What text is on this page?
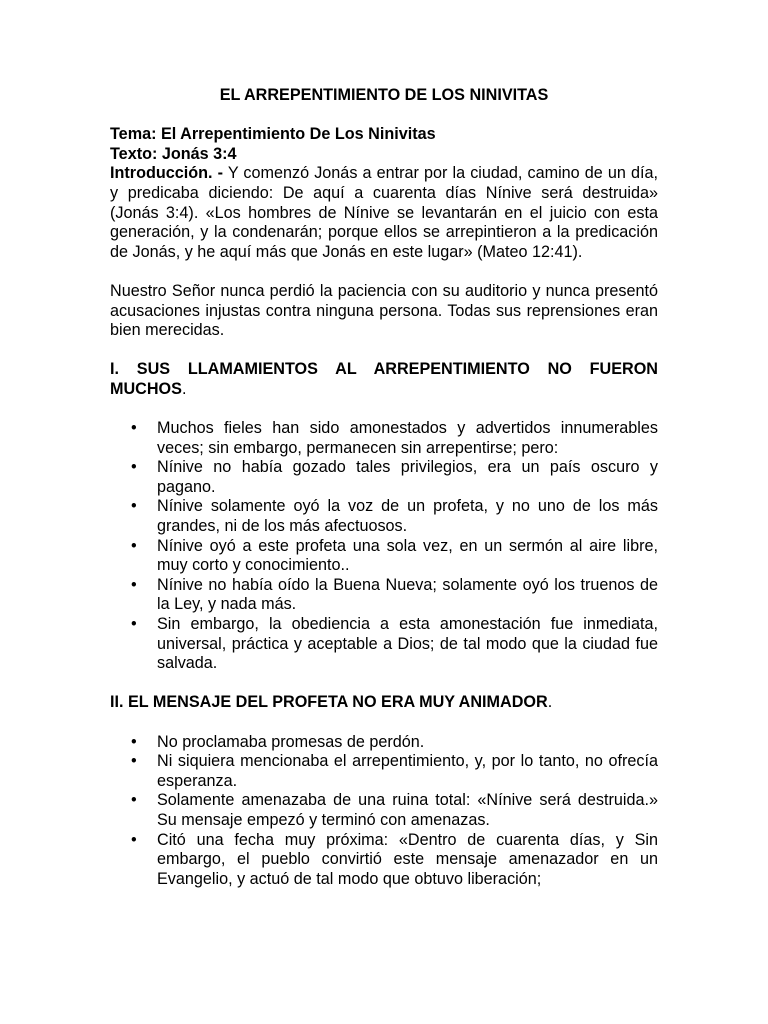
EL ARREPENTIMIENTO DE LOS NINIVITAS

Tema: El Arrepentimiento De Los Ninivitas

Texto: Jonás 3:4

Introducción. - Y comenzó Jonás a entrar por la ciudad, camino de un día, y predicaba diciendo: De aquí a cuarenta días Nínive será destruida» (Jonás 3:4). «Los hombres de Nínive se levantarán en el juicio con esta generación, y la condenarán; porque ellos se arrepintieron a la predicación de Jonás, y he aquí más que Jonás en este lugar» (Mateo 12:41).

Nuestro Señor nunca perdió la paciencia con su auditorio y nunca presentó acusaciones injustas contra ninguna persona. Todas sus reprensiones eran bien merecidas.

I. SUS LLAMAMIENTOS AL ARREPENTIMIENTO NO FUERON MUCHOS.

• Muchos fieles han sido amonestados y advertidos innumerables veces; sin embargo, permanecen sin arrepentirse; pero:
• Nínive no había gozado tales privilegios, era un país oscuro y pagano.
• Nínive solamente oyó la voz de un profeta, y no uno de los más grandes, ni de los más afectuosos.
• Nínive oyó a este profeta una sola vez, en un sermón al aire libre, muy corto y conocimiento..
• Nínive no había oído la Buena Nueva; solamente oyó los truenos de la Ley, y nada más.
• Sin embargo, la obediencia a esta amonestación fue inmediata, universal, práctica y aceptable a Dios; de tal modo que la ciudad fue salvada.

II. EL MENSAJE DEL PROFETA NO ERA MUY ANIMADOR.

• No proclamaba promesas de perdón.
• Ni siquiera mencionaba el arrepentimiento, y, por lo tanto, no ofrecía esperanza.
• Solamente amenazaba de una ruina total: «Nínive será destruida.» Su mensaje empezó y terminó con amenazas.
• Citó una fecha muy próxima: «Dentro de cuarenta días, y Sin embargo, el pueblo convirtió este mensaje amenazador en un Evangelio, y actuó de tal modo que obtuvo liberación;
